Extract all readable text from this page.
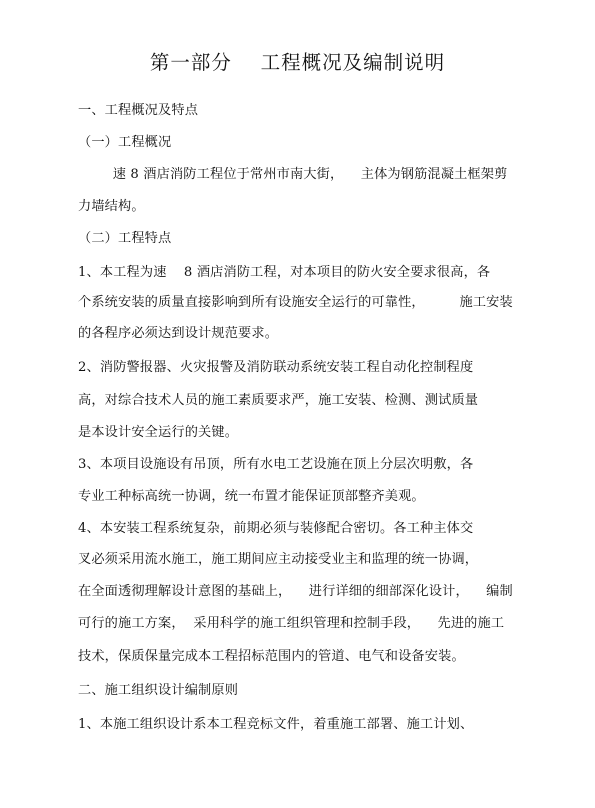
第一部分    工程概况及编制说明
一、工程概况及特点
（一）工程概况
速 8 酒店消防工程位于常州市南大街，    主体为钢筋混凝土框架剪
力墙结构。
（二）工程特点
1、本工程为速    8 酒店消防工程，对本项目的防火安全要求很高，各
个系统安装的质量直接影响到所有设施安全运行的可靠性，        施工安装
的各程序必须达到设计规范要求。
2、消防警报器、火灾报警及消防联动系统安装工程自动化控制程度
高，对综合技术人员的施工素质要求严，施工安装、检测、测试质量
是本设计安全运行的关键。
3、本项目设施设有吊顶，所有水电工艺设施在顶上分层次明敷，各
专业工种标高统一协调，统一布置才能保证顶部整齐美观。
4、本安装工程系统复杂，前期必须与装修配合密切。各工种主体交
叉必须采用流水施工，施工期间应主动接受业主和监理的统一协调，
在全面透彻理解设计意图的基础上，    进行详细的细部深化设计，    编制
可行的施工方案，  采用科学的施工组织管理和控制手段，    先进的施工
技术，保质保量完成本工程招标范围内的管道、电气和设备安装。
二、施工组织设计编制原则
1、本施工组织设计系本工程竞标文件，着重施工部署、施工计划、
